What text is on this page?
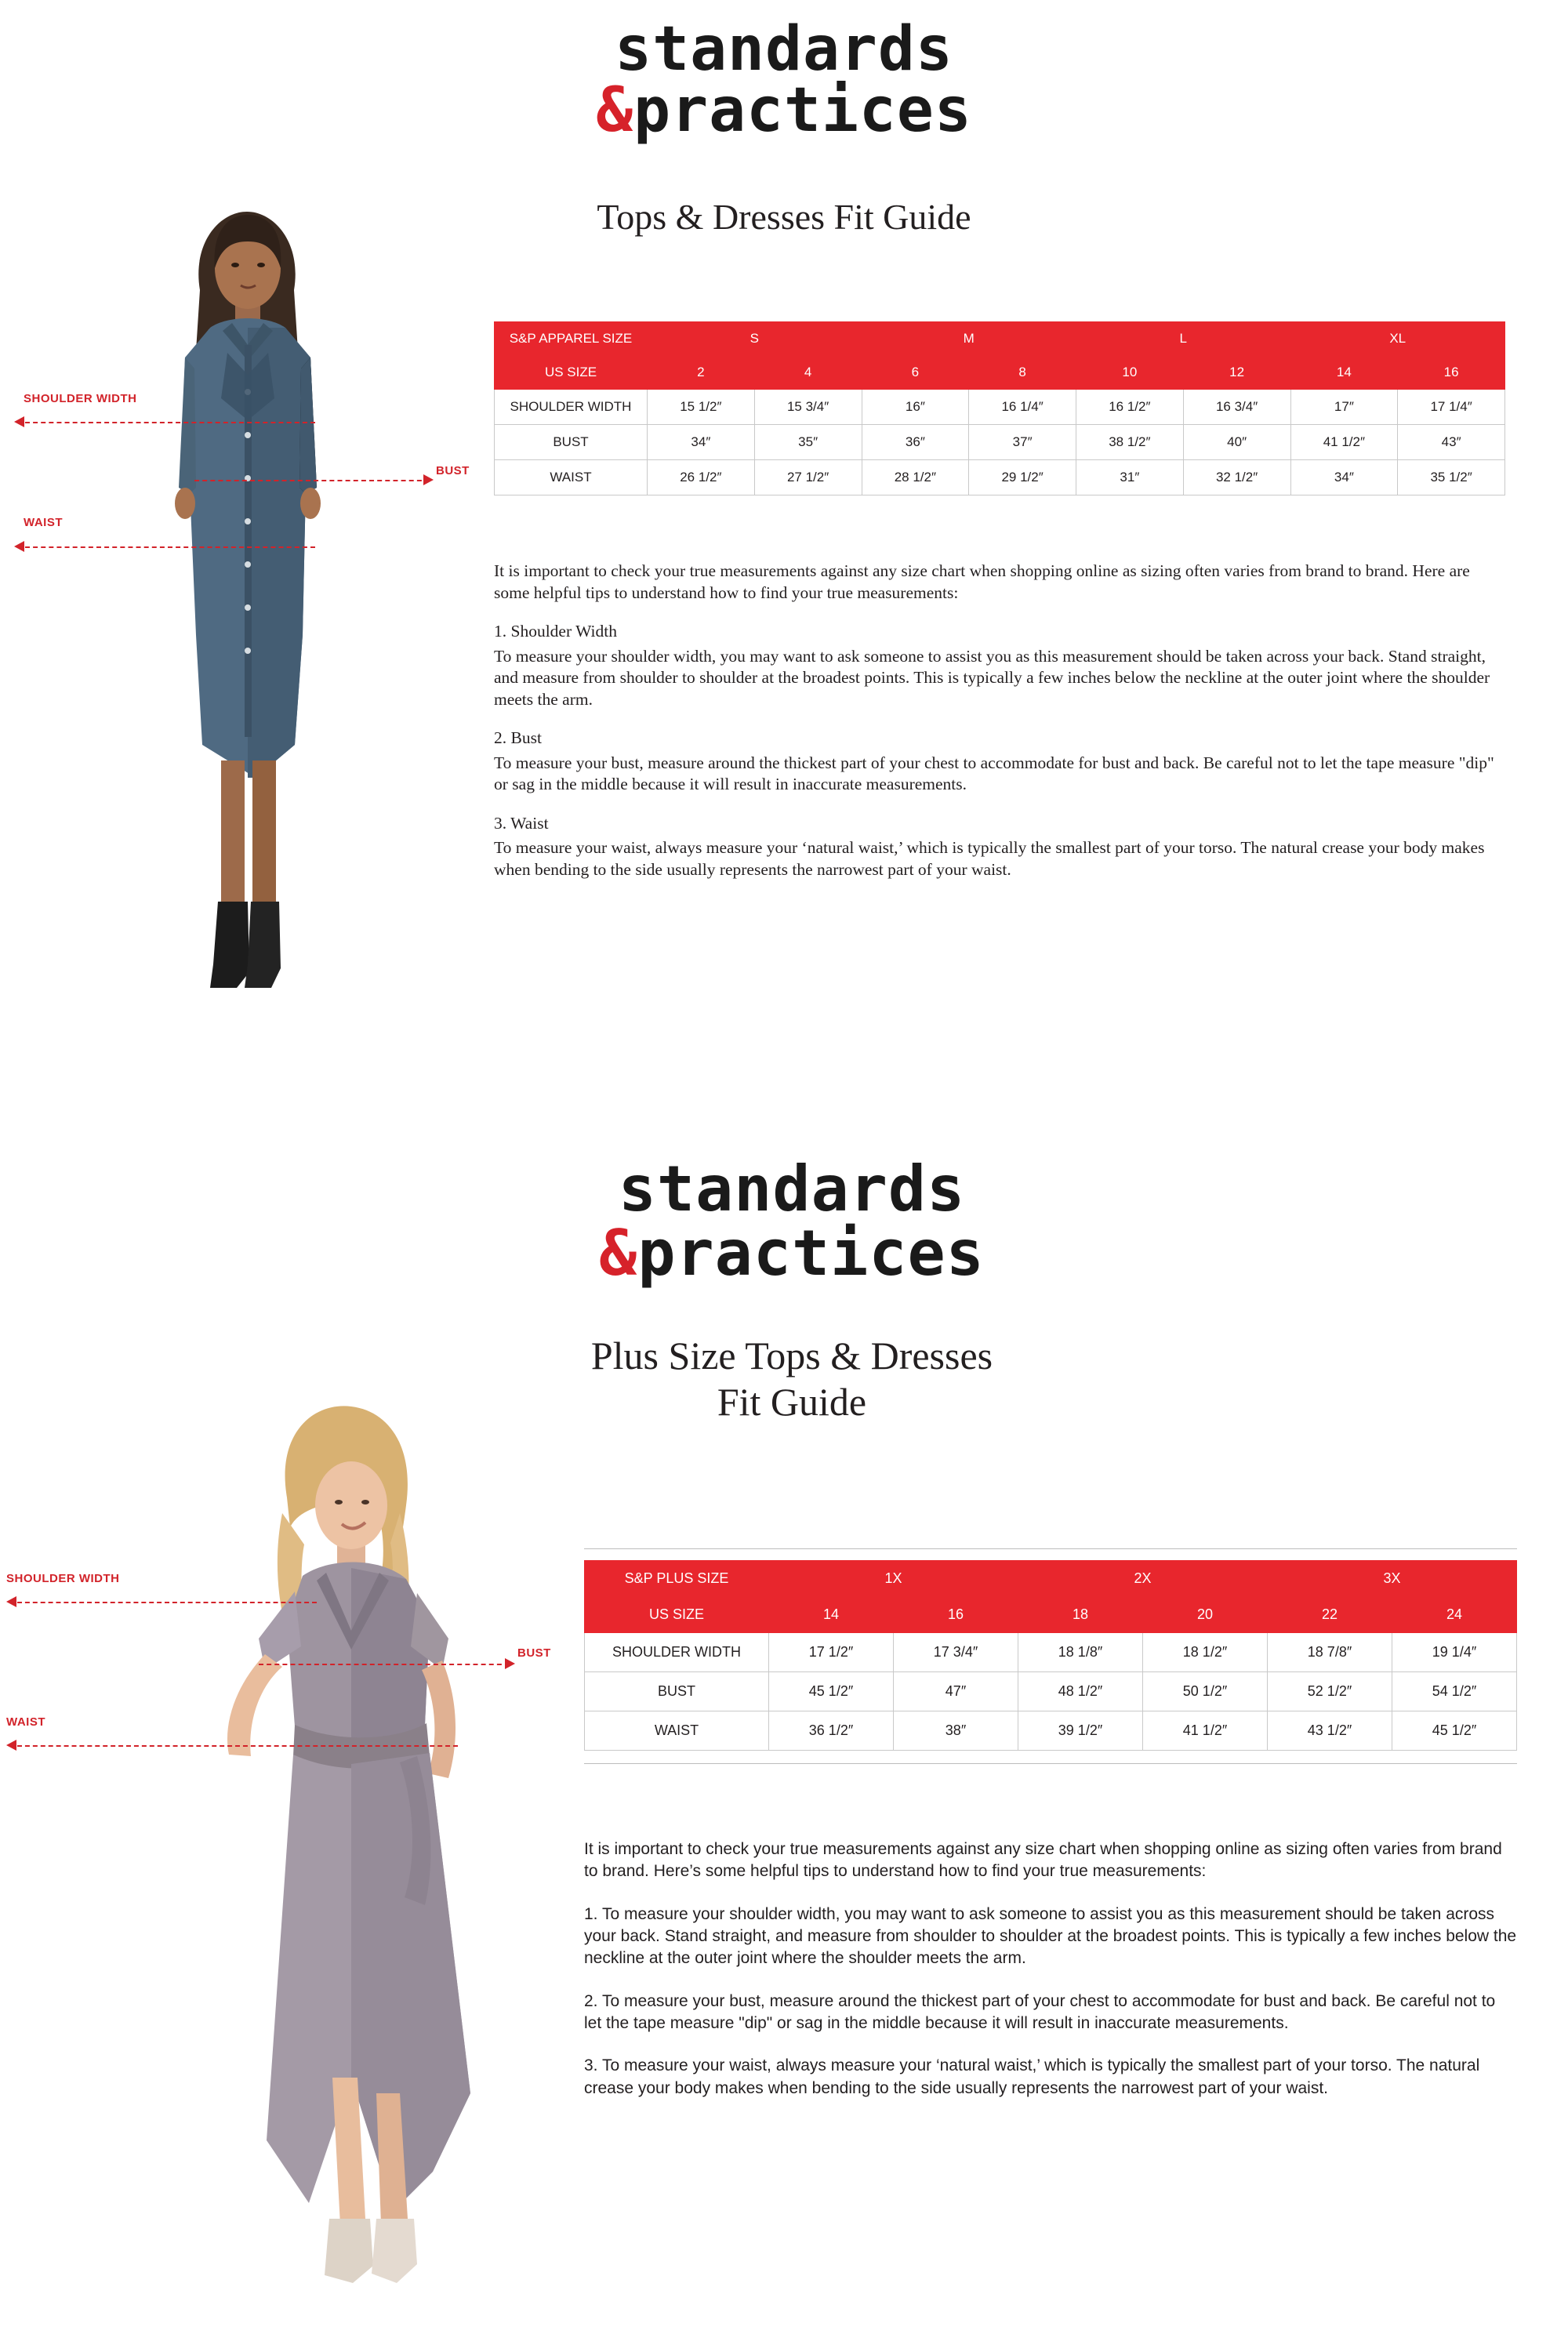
standards
&practices
Tops & Dresses Fit Guide
SHOULDER WIDTH
BUST
WAIST
S&P APPAREL SIZE	S		M		L		XL	
US SIZE	2	4	6	8	10	12	14	16
SHOULDER WIDTH	15 1/2″	15 3/4″	16″	16 1/4″	16 1/2″	16 3/4″	17″	17 1/4″
BUST	34″	35″	36″	37″	38 1/2″	40″	41 1/2″	43″
WAIST	26 1/2″	27 1/2″	28 1/2″	29 1/2″	31″	32 1/2″	34″	35 1/2″

It is important to check your true measurements against any size chart when shopping online as sizing often varies from brand to brand. Here are some helpful tips to understand how to find your true measurements:

1. Shoulder Width

To measure your shoulder width, you may want to ask someone to assist you as this measurement should be taken across your back. Stand straight, and measure from shoulder to shoulder at the broadest points. This is typically a few inches below the neckline at the outer joint where the shoulder meets the arm.

2. Bust

To measure your bust, measure around the thickest part of your chest to accommodate for bust and back. Be careful not to let the tape measure "dip" or sag in the middle because it will result in inaccurate measurements.

3. Waist

To measure your waist, always measure your ‘natural waist,’ which is typically the smallest part of your torso. The natural crease your body makes when bending to the side usually represents the narrowest part of your waist.

standards
&practices
Plus Size Tops & Dresses
Fit Guide
SHOULDER WIDTH
BUST
WAIST
S&P PLUS SIZE	1X		2X		3X	
US SIZE	14	16	18	20	22	24
SHOULDER WIDTH	17 1/2″	17 3/4″	18 1/8″	18 1/2″	18 7/8″	19 1/4″
BUST	45 1/2″	47″	48 1/2″	50 1/2″	52 1/2″	54 1/2″
WAIST	36 1/2″	38″	39 1/2″	41 1/2″	43 1/2″	45 1/2″

It is important to check your true measurements against any size chart when shopping online as sizing often varies from brand to brand. Here’s some helpful tips to understand how to find your true measurements:

1. To measure your shoulder width, you may want to ask someone to assist you as this measurement should be taken across your back. Stand straight, and measure from shoulder to shoulder at the broadest points. This is typically a few inches below the neckline at the outer joint where the shoulder meets the arm.

2. To measure your bust, measure around the thickest part of your chest to accommodate for bust and back. Be careful not to let the tape measure "dip" or sag in the middle because it will result in inaccurate measurements.

3. To measure your waist, always measure your ‘natural waist,’ which is typically the smallest part of your torso. The natural crease your body makes when bending to the side usually represents the narrowest part of your waist.
